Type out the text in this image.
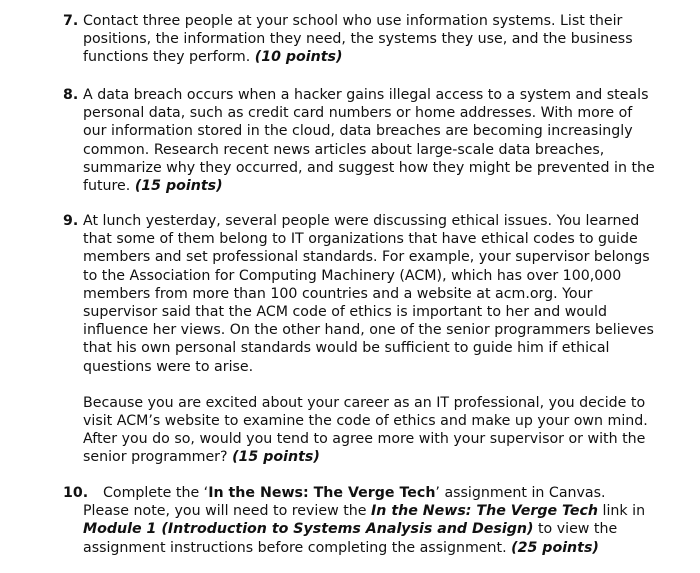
7. Contact three people at your school who use information systems. List their
positions, the information they need, the systems they use, and the business
functions they perform. (10 points)
8. A data breach occurs when a hacker gains illegal access to a system and steals
personal data, such as credit card numbers or home addresses. With more of
our information stored in the cloud, data breaches are becoming increasingly
common. Research recent news articles about large-scale data breaches,
summarize why they occurred, and suggest how they might be prevented in the
future. (15 points)
9. At lunch yesterday, several people were discussing ethical issues. You learned
that some of them belong to IT organizations that have ethical codes to guide
members and set professional standards. For example, your supervisor belongs
to the Association for Computing Machinery (ACM), which has over 100,000
members from more than 100 countries and a website at acm.org. Your
supervisor said that the ACM code of ethics is important to her and would
influence her views. On the other hand, one of the senior programmers believes
that his own personal standards would be sufficient to guide him if ethical
questions were to arise.
Because you are excited about your career as an IT professional, you decide to
visit ACM’s website to examine the code of ethics and make up your own mind.
After you do so, would you tend to agree more with your supervisor or with the
senior programmer? (15 points)
10.	Complete the ‘In the News: The Verge Tech’ assignment in Canvas.
Please note, you will need to review the In the News: The Verge Tech link in
Module 1 (Introduction to Systems Analysis and Design) to view the
assignment instructions before completing the assignment. (25 points)
